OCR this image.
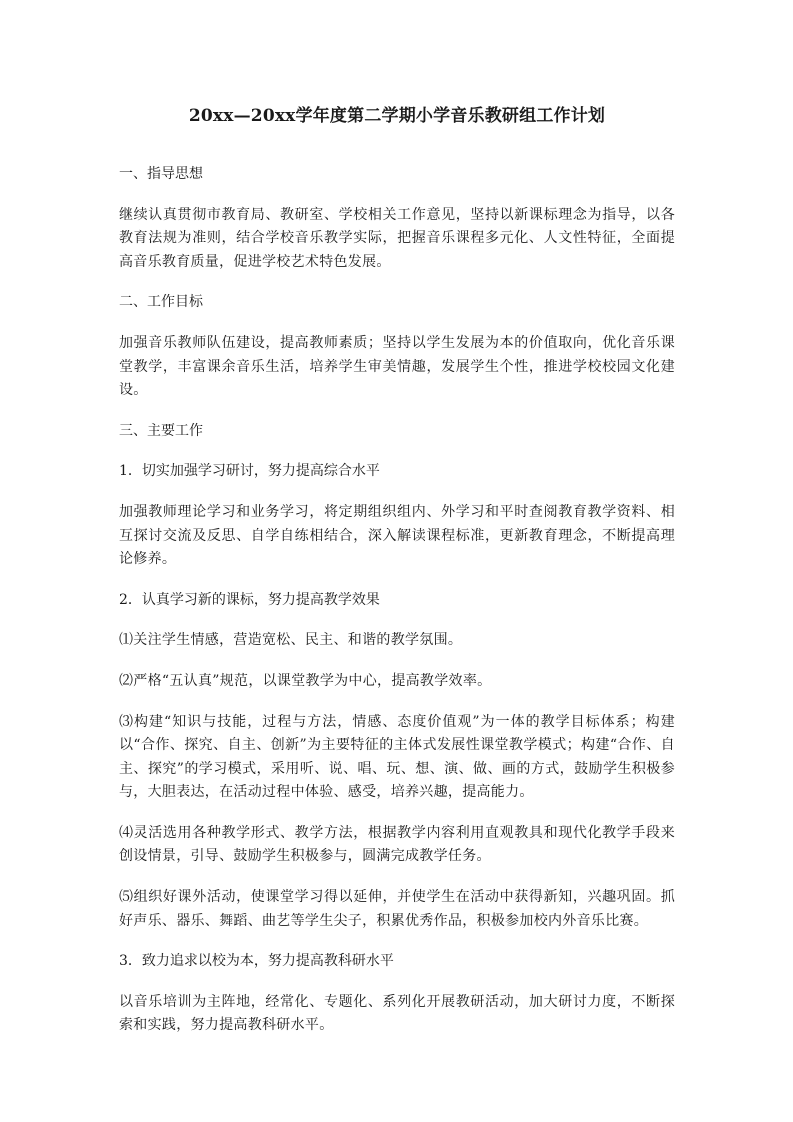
20xx—20xx学年度第二学期小学音乐教研组工作计划

一、指导思想

继续认真贯彻市教育局、教研室、学校相关工作意见，坚持以新课标理念为指导，以各教育法规为准则，结合学校音乐教学实际，把握音乐课程多元化、人文性特征，全面提高音乐教育质量，促进学校艺术特色发展。

二、工作目标

加强音乐教师队伍建设，提高教师素质；坚持以学生发展为本的价值取向，优化音乐课堂教学，丰富课余音乐生活，培养学生审美情趣，发展学生个性，推进学校校园文化建设。

三、主要工作

1．切实加强学习研讨，努力提高综合水平

加强教师理论学习和业务学习，将定期组织组内、外学习和平时查阅教育教学资料、相互探讨交流及反思、自学自练相结合，深入解读课程标准，更新教育理念，不断提高理论修养。

2．认真学习新的课标，努力提高教学效果

⑴关注学生情感，营造宽松、民主、和谐的教学氛围。

⑵严格“五认真”规范，以课堂教学为中心，提高教学效率。

⑶构建“知识与技能，过程与方法，情感、态度价值观”为一体的教学目标体系；构建以“合作、探究、自主、创新”为主要特征的主体式发展性课堂教学模式；构建“合作、自主、探究”的学习模式，采用听、说、唱、玩、想、演、做、画的方式，鼓励学生积极参与，大胆表达，在活动过程中体验、感受，培养兴趣，提高能力。

⑷灵活选用各种教学形式、教学方法，根据教学内容利用直观教具和现代化教学手段来创设情景，引导、鼓励学生积极参与，圆满完成教学任务。

⑸组织好课外活动，使课堂学习得以延伸，并使学生在活动中获得新知，兴趣巩固。抓好声乐、器乐、舞蹈、曲艺等学生尖子，积累优秀作品，积极参加校内外音乐比赛。

3．致力追求以校为本，努力提高教科研水平

以音乐培训为主阵地，经常化、专题化、系列化开展教研活动，加大研讨力度，不断探索和实践，努力提高教科研水平。
